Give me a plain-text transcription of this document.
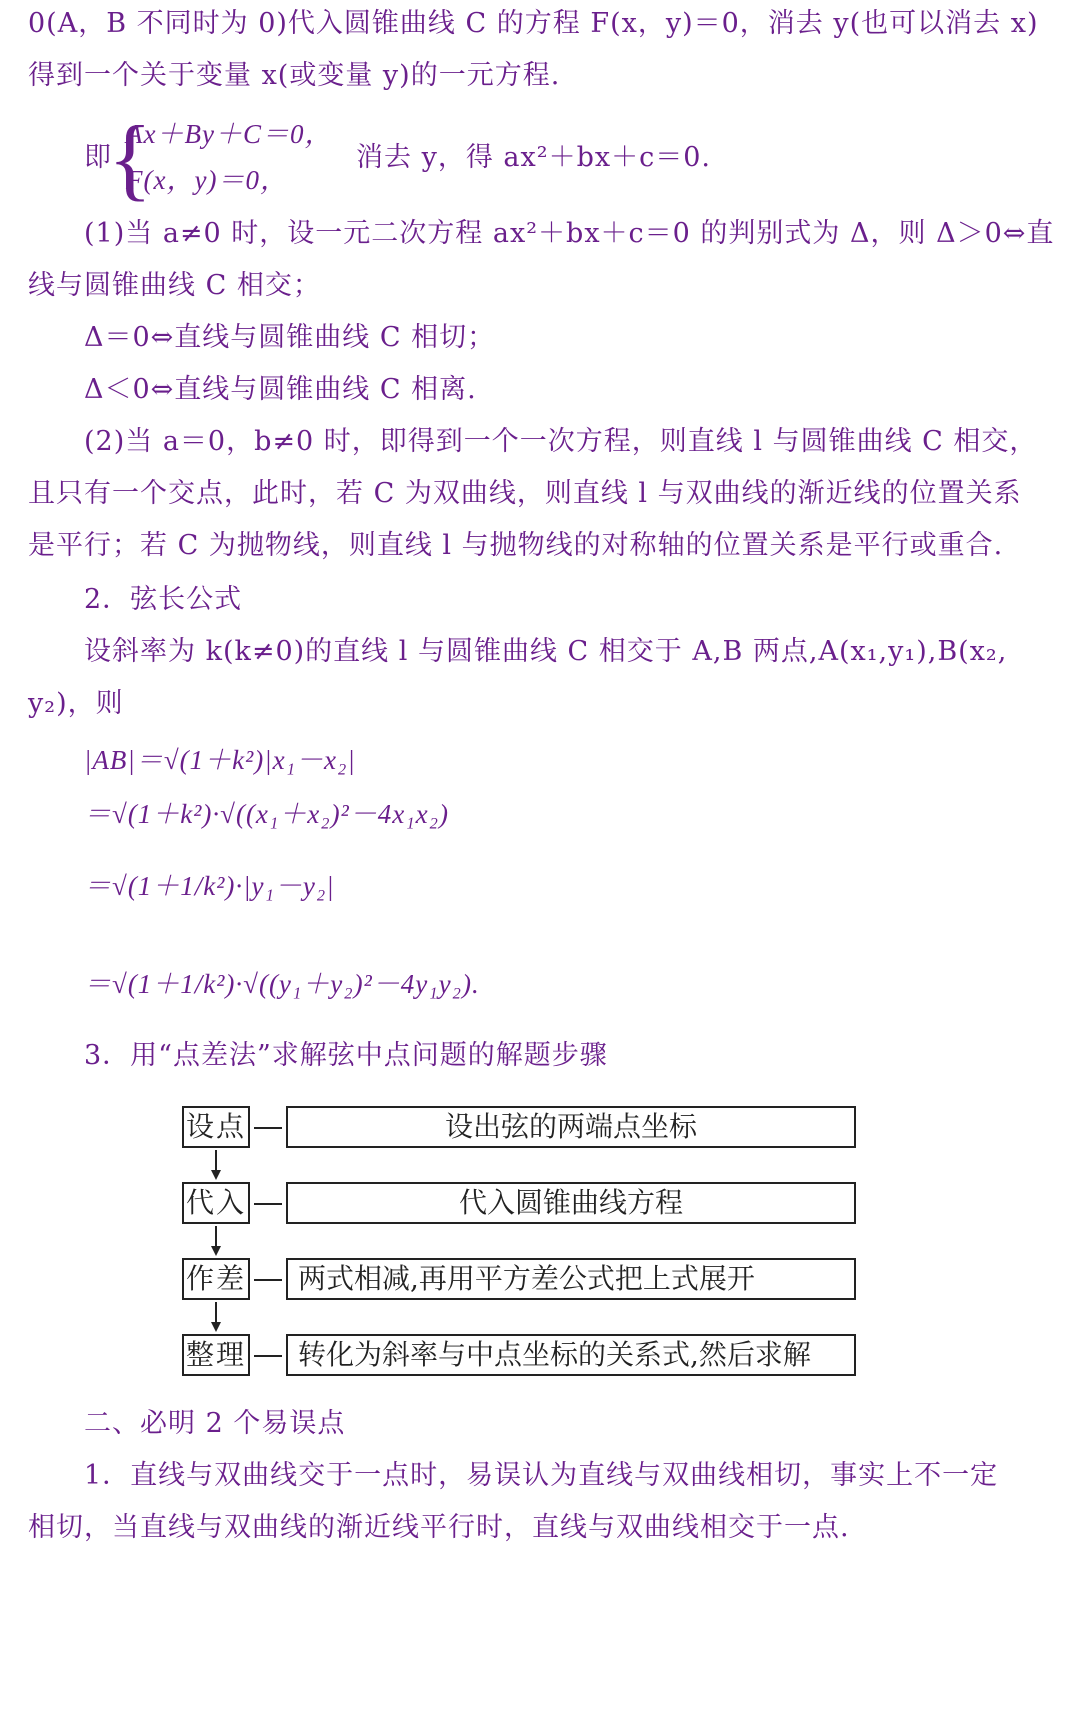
0(A，B 不同时为 0)代入圆锥曲线 C 的方程 F(x，y)＝0，消去 y(也可以消去 x)
得到一个关于变量 x(或变量 y)的一元方程.
即
{
Ax＋By＋C＝0，
F(x，y)＝0，
消去 y，得 ax²＋bx＋c＝0.
(1)当 a≠0 时，设一元二次方程 ax²＋bx＋c＝0 的判别式为 Δ，则 Δ＞0⇔直
线与圆锥曲线 C 相交；
Δ＝0⇔直线与圆锥曲线 C 相切；
Δ＜0⇔直线与圆锥曲线 C 相离.
(2)当 a＝0，b≠0 时，即得到一个一次方程，则直线 l 与圆锥曲线 C 相交，
且只有一个交点，此时，若 C 为双曲线，则直线 l 与双曲线的渐近线的位置关系
是平行；若 C 为抛物线，则直线 l 与抛物线的对称轴的位置关系是平行或重合.
2．弦长公式
设斜率为 k(k≠0)的直线 l 与圆锥曲线 C 相交于 A,B 两点,A(x₁,y₁),B(x₂,
y₂)，则
|AB|＝√(1＋k²)|x₁－x₂|
＝√(1＋k²)·√((x₁＋x₂)²－4x₁x₂)
＝√(1＋1/k²)·|y₁－y₂|
＝√(1＋1/k²)·√((y₁＋y₂)²－4y₁y₂).
3．用“点差法”求解弦中点问题的解题步骤
设点	设出弦的两端点坐标
代入	代入圆锥曲线方程
作差	两式相减,再用平方差公式把上式展开
整理	转化为斜率与中点坐标的关系式,然后求解
二、必明 2 个易误点
1．直线与双曲线交于一点时，易误认为直线与双曲线相切，事实上不一定
相切，当直线与双曲线的渐近线平行时，直线与双曲线相交于一点.
